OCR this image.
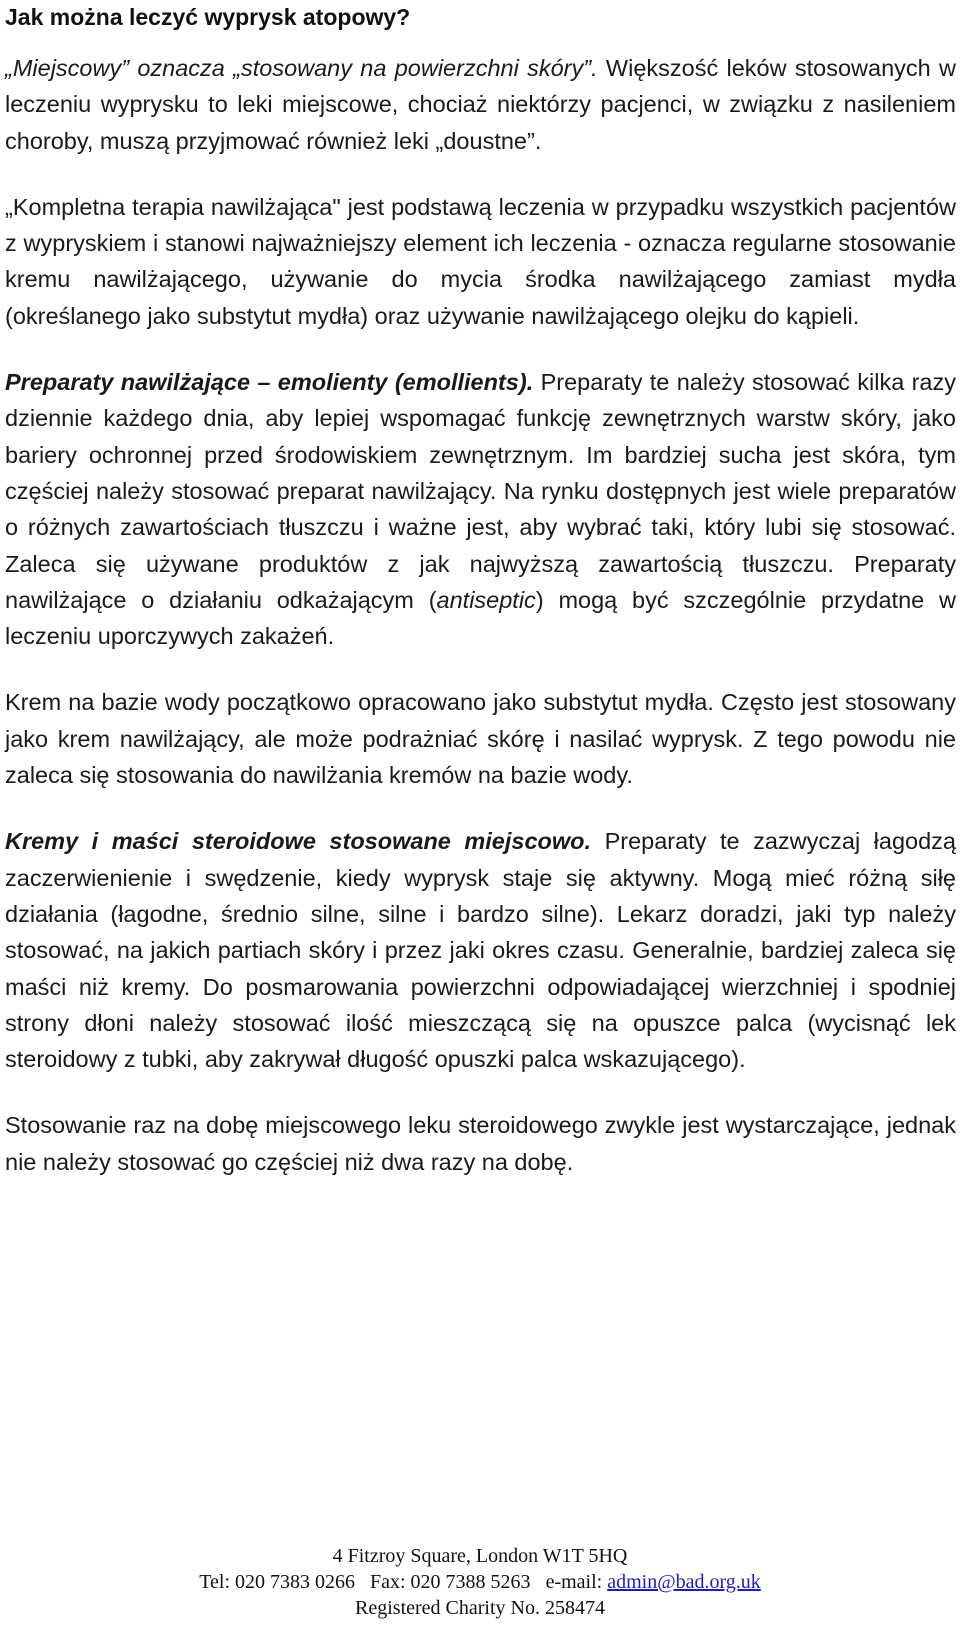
Jak można leczyć wyprysk atopowy?

„Miejscowy” oznacza „stosowany na powierzchni skóry”. Większość leków stosowanych w leczeniu wyprysku to leki miejscowe, chociaż niektórzy pacjenci, w związku z nasileniem choroby, muszą przyjmować również leki „doustne”.

„Kompletna terapia nawilżająca" jest podstawą leczenia w przypadku wszystkich pacjentów z wypryskiem i stanowi najważniejszy element ich leczenia - oznacza regularne stosowanie kremu nawilżającego, używanie do mycia środka nawilżającego zamiast mydła (określanego jako substytut mydła) oraz używanie nawilżającego olejku do kąpieli.

Preparaty nawilżające – emolienty (emollients). Preparaty te należy stosować kilka razy dziennie każdego dnia, aby lepiej wspomagać funkcję zewnętrznych warstw skóry, jako bariery ochronnej przed środowiskiem zewnętrznym. Im bardziej sucha jest skóra, tym częściej należy stosować preparat nawilżający. Na rynku dostępnych jest wiele preparatów o różnych zawartościach tłuszczu i ważne jest, aby wybrać taki, który lubi się stosować. Zaleca się używane produktów z jak najwyższą zawartością tłuszczu. Preparaty nawilżające o działaniu odkażającym (antiseptic) mogą być szczególnie przydatne w leczeniu uporczywych zakażeń.

Krem na bazie wody początkowo opracowano jako substytut mydła. Często jest stosowany jako krem nawilżający, ale może podrażniać skórę i nasilać wyprysk. Z tego powodu nie zaleca się stosowania do nawilżania kremów na bazie wody.

Kremy i maści steroidowe stosowane miejscowo. Preparaty te zazwyczaj łagodzą zaczerwienienie i swędzenie, kiedy wyprysk staje się aktywny. Mogą mieć różną siłę działania (łagodne, średnio silne, silne i bardzo silne). Lekarz doradzi, jaki typ należy stosować, na jakich partiach skóry i przez jaki okres czasu. Generalnie, bardziej zaleca się maści niż kremy. Do posmarowania powierzchni odpowiadającej wierzchniej i spodniej strony dłoni należy stosować ilość mieszczącą się na opuszce palca (wycisnąć lek steroidowy z tubki, aby zakrywał długość opuszki palca wskazującego).

Stosowanie raz na dobę miejscowego leku steroidowego zwykle jest wystarczające, jednak nie należy stosować go częściej niż dwa razy na dobę.

4 Fitzroy Square, London W1T 5HQ
Tel: 020 7383 0266 Fax: 020 7388 5263 e-mail: admin@bad.org.uk
Registered Charity No. 258474
